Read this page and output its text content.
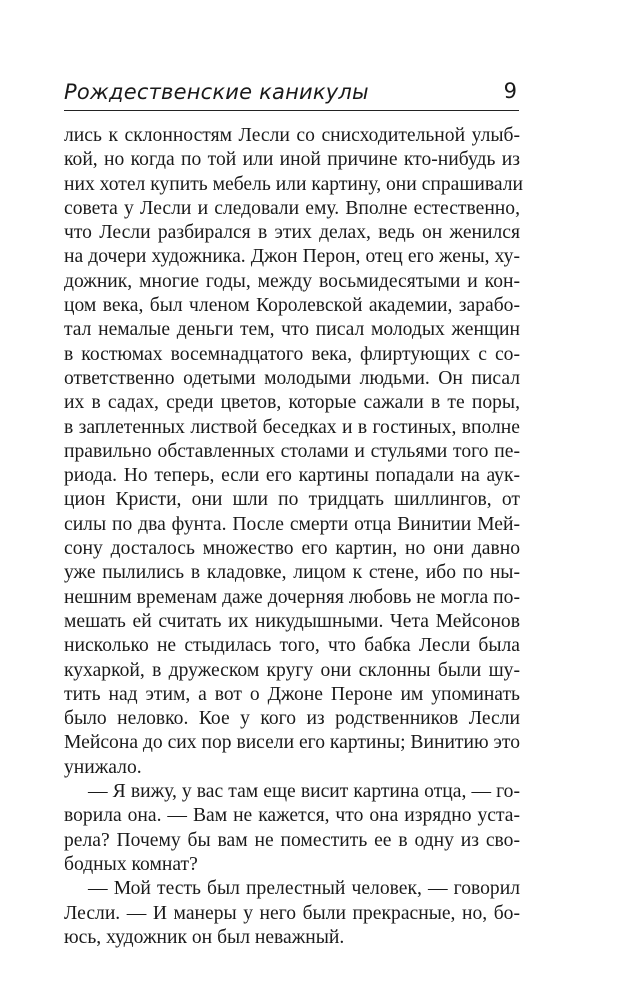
Рождественские каникулы	9
лись к склонностям Лесли со снисходительной улыб-
кой, но когда по той или иной причине кто-нибудь из
них хотел купить мебель или картину, они спрашивали
совета у Лесли и следовали ему. Вполне естественно,
что Лесли разбирался в этих делах, ведь он женился
на дочери художника. Джон Перон, отец его жены, ху-
дожник, многие годы, между восьмидесятыми и кон-
цом века, был членом Королевской академии, зарабо-
тал немалые деньги тем, что писал молодых женщин
в костюмах восемнадцатого века, флиртующих с со-
ответственно одетыми молодыми людьми. Он писал
их в садах, среди цветов, которые сажали в те поры,
в заплетенных листвой беседках и в гостиных, вполне
правильно обставленных столами и стульями того пе-
риода. Но теперь, если его картины попадали на аук-
цион Кристи, они шли по тридцать шиллингов, от
силы по два фунта. После смерти отца Винитии Мей-
сону досталось множество его картин, но они давно
уже пылились в кладовке, лицом к стене, ибо по ны-
нешним временам даже дочерняя любовь не могла по-
мешать ей считать их никудышными. Чета Мейсонов
нисколько не стыдилась того, что бабка Лесли была
кухаркой, в дружеском кругу они склонны были шу-
тить над этим, а вот о Джоне Пероне им упоминать
было неловко. Кое у кого из родственников Лесли
Мейсона до сих пор висели его картины; Винитию это
унижало.
— Я вижу, у вас там еще висит картина отца, — го-
ворила она. — Вам не кажется, что она изрядно уста-
рела? Почему бы вам не поместить ее в одну из сво-
бодных комнат?
— Мой тесть был прелестный человек, — говорил
Лесли. — И манеры у него были прекрасные, но, бо-
юсь, художник он был неважный.
